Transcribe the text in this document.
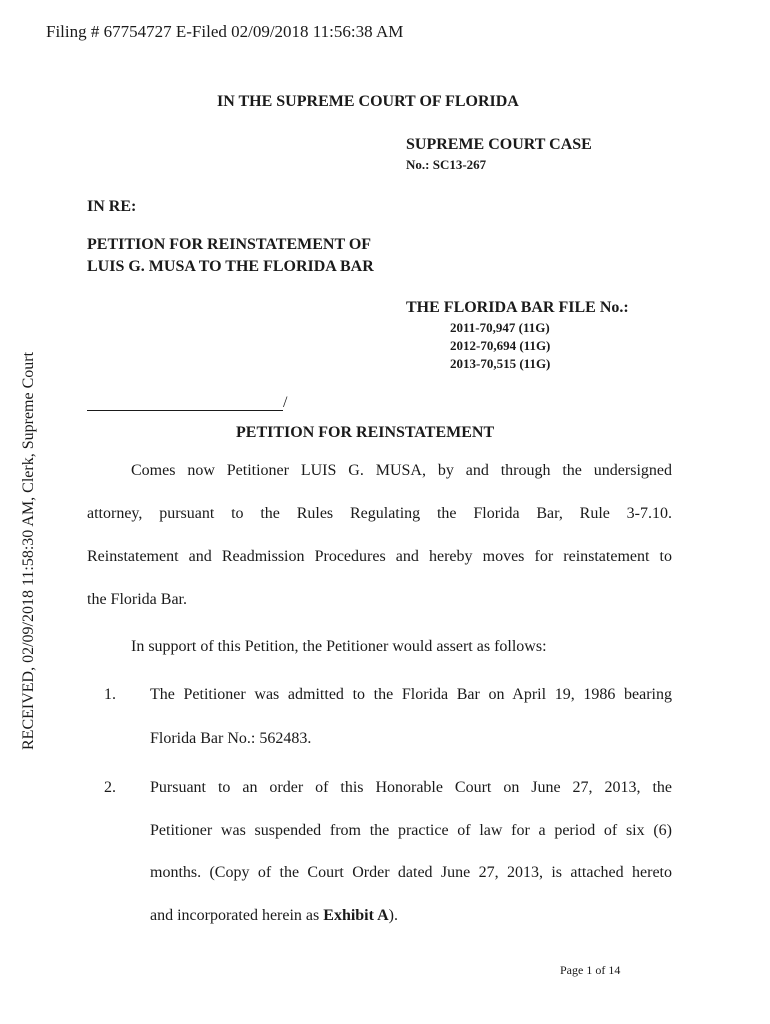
Filing # 67754727 E-Filed 02/09/2018 11:56:38 AM
RECEIVED, 02/09/2018 11:58:30 AM, Clerk, Supreme Court
IN THE SUPREME COURT OF FLORIDA
SUPREME COURT CASE
No.: SC13-267
IN RE:
PETITION FOR REINSTATEMENT OF
LUIS G. MUSA TO THE FLORIDA BAR
THE FLORIDA BAR FILE No.:
2011-70,947 (11G)
2012-70,694 (11G)
2013-70,515 (11G)
/
PETITION FOR REINSTATEMENT
Comes now Petitioner LUIS G. MUSA, by and through the undersigned
attorney, pursuant to the Rules Regulating the Florida Bar, Rule 3-7.10.
Reinstatement and Readmission Procedures and hereby moves for reinstatement to
the Florida Bar.
In support of this Petition, the Petitioner would assert as follows:
1. The Petitioner was admitted to the Florida Bar on April 19, 1986 bearing
Florida Bar No.: 562483.
2. Pursuant to an order of this Honorable Court on June 27, 2013, the
Petitioner was suspended from the practice of law for a period of six (6)
months. (Copy of the Court Order dated June 27, 2013, is attached hereto
and incorporated herein as Exhibit A).
Page 1 of 14
